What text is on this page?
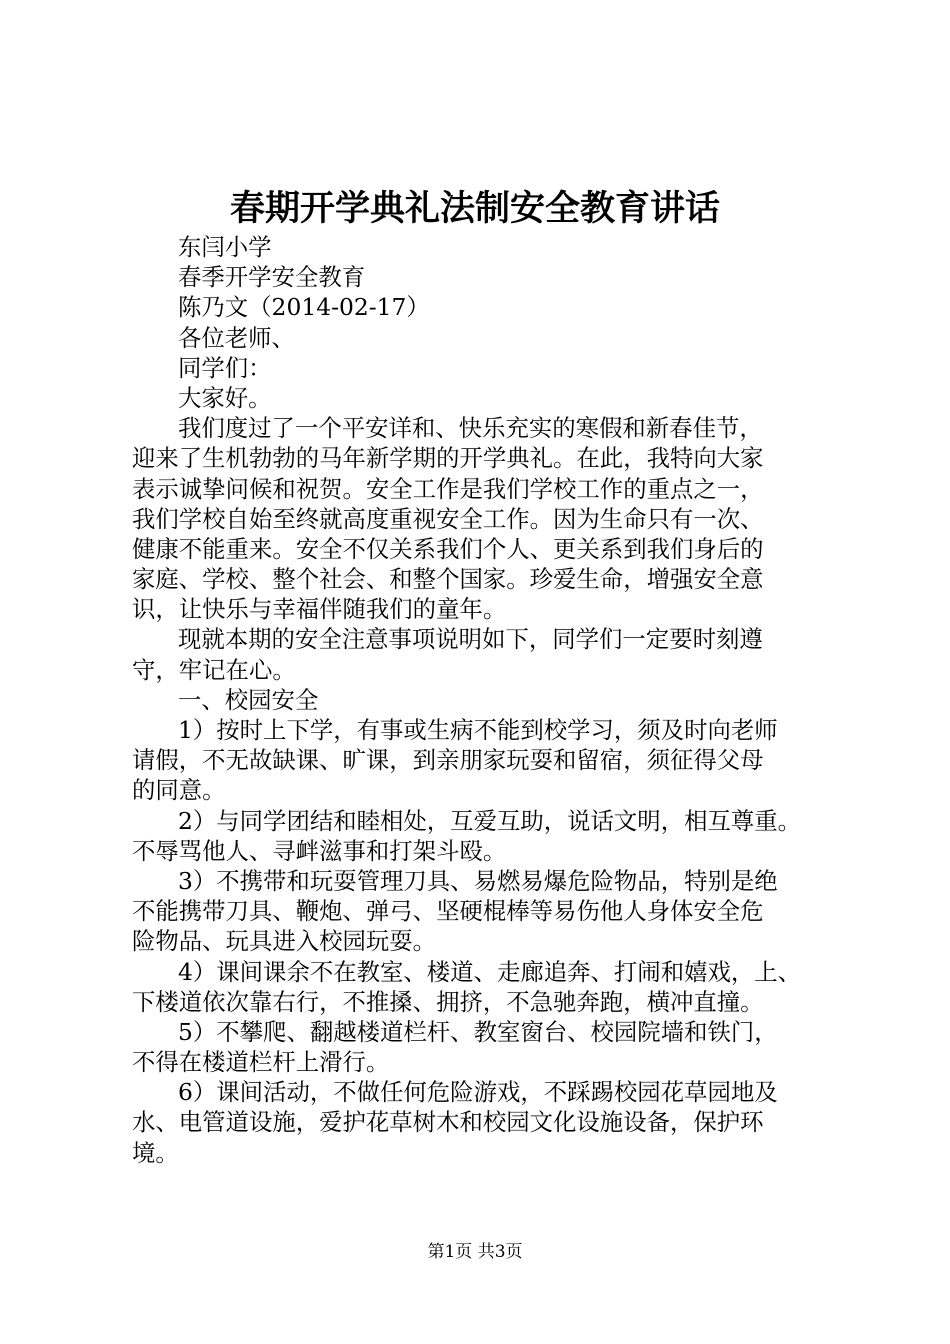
春期开学典礼法制安全教育讲话
东闫小学
春季开学安全教育
陈乃文（2014-02-17）
各位老师、
同学们：
大家好。
我们度过了一个平安详和、快乐充实的寒假和新春佳节，
迎来了生机勃勃的马年新学期的开学典礼。在此，我特向大家
表示诚挚问候和祝贺。安全工作是我们学校工作的重点之一，
我们学校自始至终就高度重视安全工作。因为生命只有一次、
健康不能重来。安全不仅关系我们个人、更关系到我们身后的
家庭、学校、整个社会、和整个国家。珍爱生命，增强安全意
识，让快乐与幸福伴随我们的童年。
现就本期的安全注意事项说明如下，同学们一定要时刻遵
守，牢记在心。
一、校园安全
1）按时上下学，有事或生病不能到校学习，须及时向老师
请假，不无故缺课、旷课，到亲朋家玩耍和留宿，须征得父母
的同意。
2）与同学团结和睦相处，互爱互助，说话文明，相互尊重。
不辱骂他人、寻衅滋事和打架斗殴。
3）不携带和玩耍管理刀具、易燃易爆危险物品，特别是绝
不能携带刀具、鞭炮、弹弓、坚硬棍棒等易伤他人身体安全危
险物品、玩具进入校园玩耍。
4）课间课余不在教室、楼道、走廊追奔、打闹和嬉戏，上、
下楼道依次靠右行，不推搡、拥挤，不急驰奔跑，横冲直撞。
5）不攀爬、翻越楼道栏杆、教室窗台、校园院墙和铁门，
不得在楼道栏杆上滑行。
6）课间活动，不做任何危险游戏，不踩踢校园花草园地及
水、电管道设施，爱护花草树木和校园文化设施设备，保护环
境。
第1页 共3页
